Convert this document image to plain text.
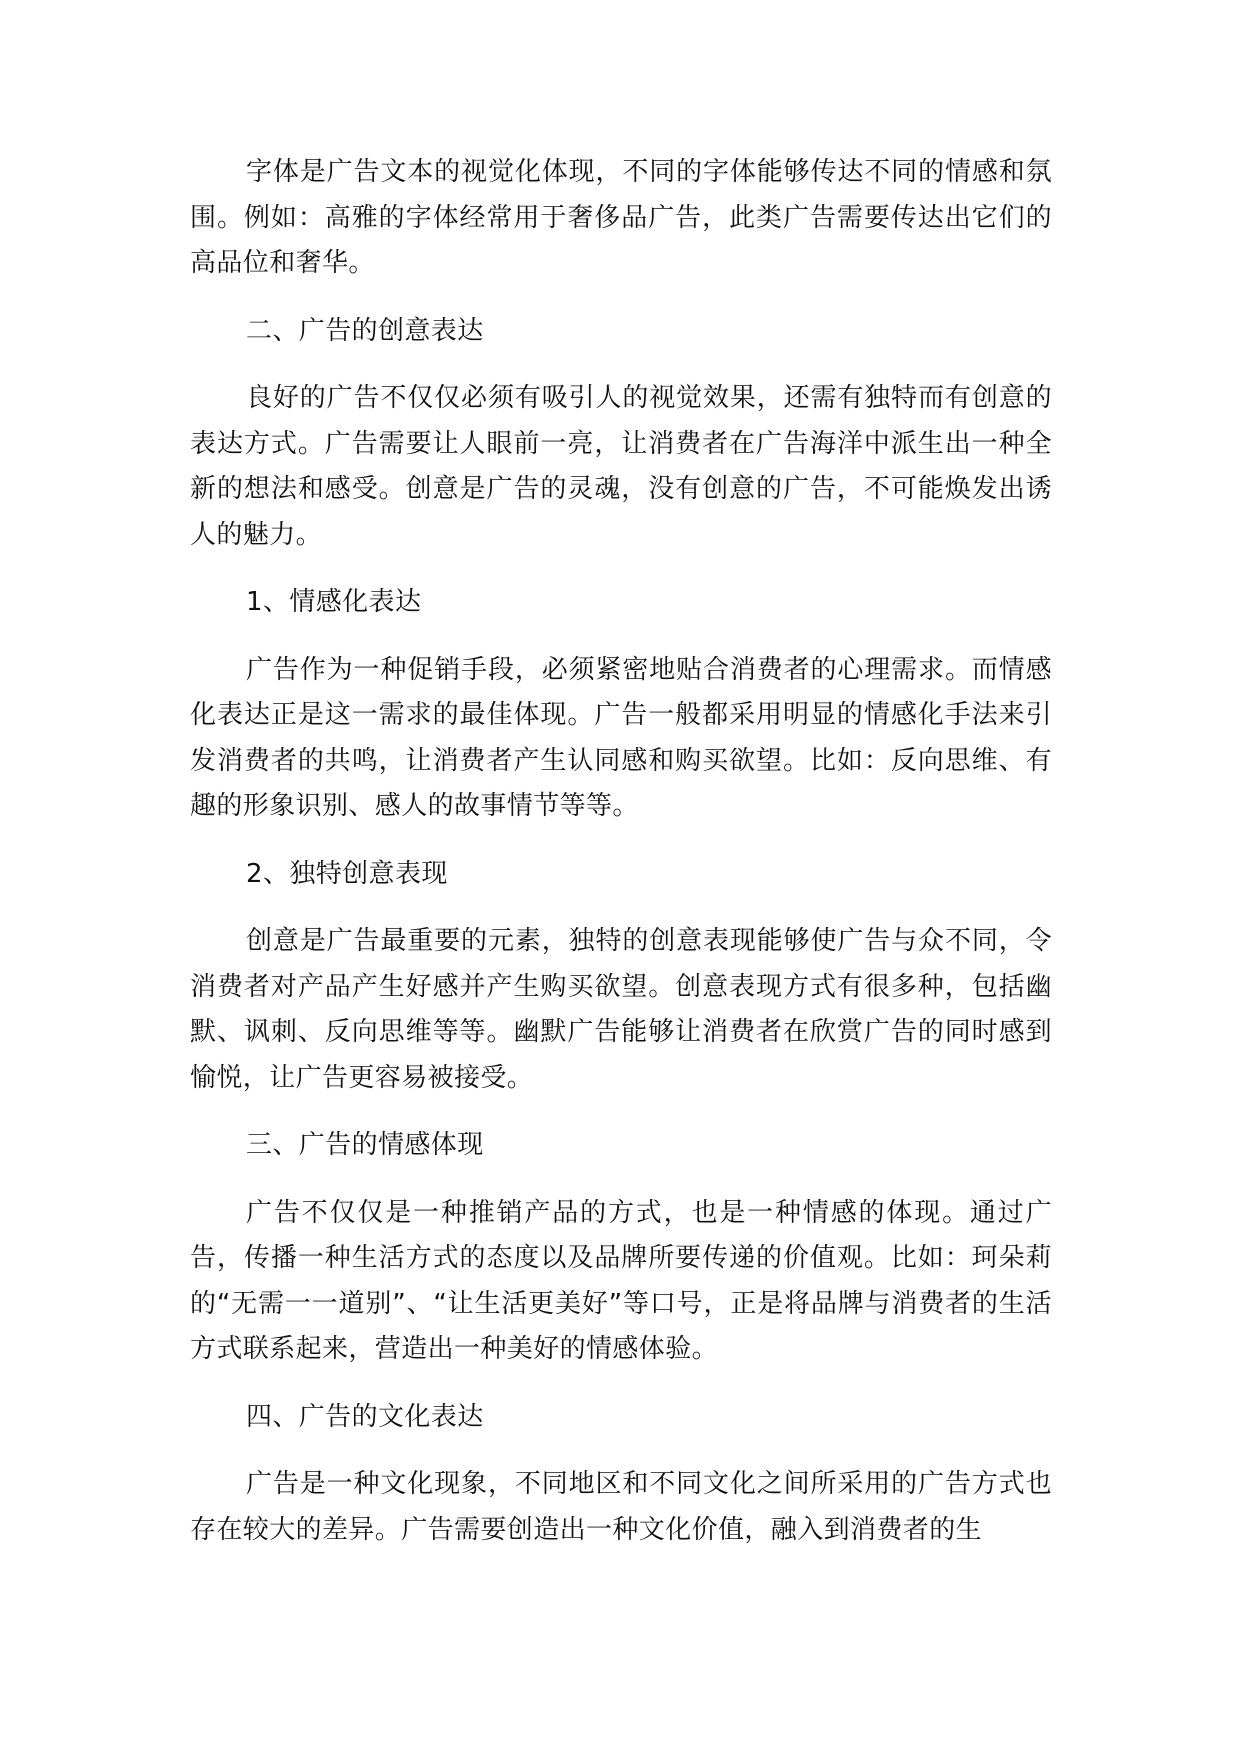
字体是广告文本的视觉化体现，不同的字体能够传达不同的情感和氛围。例如：高雅的字体经常用于奢侈品广告，此类广告需要传达出它们的高品位和奢华。

二、广告的创意表达

良好的广告不仅仅必须有吸引人的视觉效果，还需有独特而有创意的表达方式。广告需要让人眼前一亮，让消费者在广告海洋中派生出一种全新的想法和感受。创意是广告的灵魂，没有创意的广告，不可能焕发出诱人的魅力。

1、情感化表达

广告作为一种促销手段，必须紧密地贴合消费者的心理需求。而情感化表达正是这一需求的最佳体现。广告一般都采用明显的情感化手法来引发消费者的共鸣，让消费者产生认同感和购买欲望。比如：反向思维、有趣的形象识别、感人的故事情节等等。

2、独特创意表现

创意是广告最重要的元素，独特的创意表现能够使广告与众不同，令消费者对产品产生好感并产生购买欲望。创意表现方式有很多种，包括幽默、讽刺、反向思维等等。幽默广告能够让消费者在欣赏广告的同时感到愉悦，让广告更容易被接受。

三、广告的情感体现

广告不仅仅是一种推销产品的方式，也是一种情感的体现。通过广告，传播一种生活方式的态度以及品牌所要传递的价值观。比如：珂朵莉的“无需一一道别”、“让生活更美好”等口号，正是将品牌与消费者的生活方式联系起来，营造出一种美好的情感体验。

四、广告的文化表达

广告是一种文化现象，不同地区和不同文化之间所采用的广告方式也存在较大的差异。广告需要创造出一种文化价值，融入到消费者的生
